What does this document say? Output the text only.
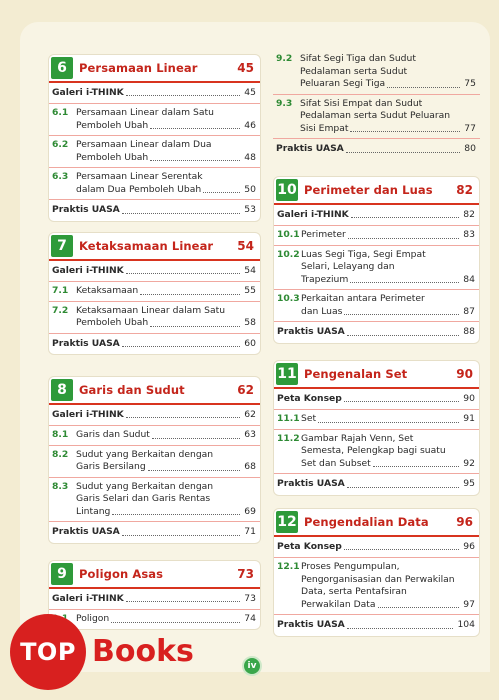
6	Persamaan Linear	45
Galeri i-THINK	45
6.1 Persamaan Linear dalam Satu
Pemboleh Ubah	46
6.2 Persamaan Linear dalam Dua
Pemboleh Ubah	48
6.3 Persamaan Linear Serentak
dalam Dua Pemboleh Ubah	50
Praktis UASA	53
7	Ketaksamaan Linear	54
Galeri i-THINK	54
7.1 Ketaksamaan	55
7.2 Ketaksamaan Linear dalam Satu
Pemboleh Ubah	58
Praktis UASA	60
8	Garis dan Sudut	62
Galeri i-THINK	62
8.1 Garis dan Sudut	63
8.2 Sudut yang Berkaitan dengan
Garis Bersilang	68
8.3 Sudut yang Berkaitan dengan
Garis Selari dan Garis Rentas
Lintang	69
Praktis UASA	71
9	Poligon Asas	73
Galeri i-THINK	73
Poligon	74
9.2 Sifat Segi Tiga dan Sudut
Pedalaman serta Sudut
Peluaran Segi Tiga	75
9.3 Sifat Sisi Empat dan Sudut
Pedalaman serta Sudut Peluaran
Sisi Empat	77
Praktis UASA	80
10 Perimeter dan Luas	82
Galeri i-THINK	82
10.1 Perimeter	83
10.2 Luas Segi Tiga, Segi Empat
Selari, Lelayang dan
Trapezium	84
10.3 Perkaitan antara Perimeter
dan Luas	87
Praktis UASA	88
11 Pengenalan Set	90
Peta Konsep	90
11.1 Set	91
11.2 Gambar Rajah Venn, Set
Semesta, Pelengkap bagi suatu
Set dan Subset	92
Praktis UASA	95
12 Pengendalian Data	96
Peta Konsep	96
12.1 Proses Pengumpulan,
Pengorganisasian dan Perwakilan
Data, serta Pentafsiran
Perwakilan Data	97
Praktis UASA	104
TOP Books	iv
